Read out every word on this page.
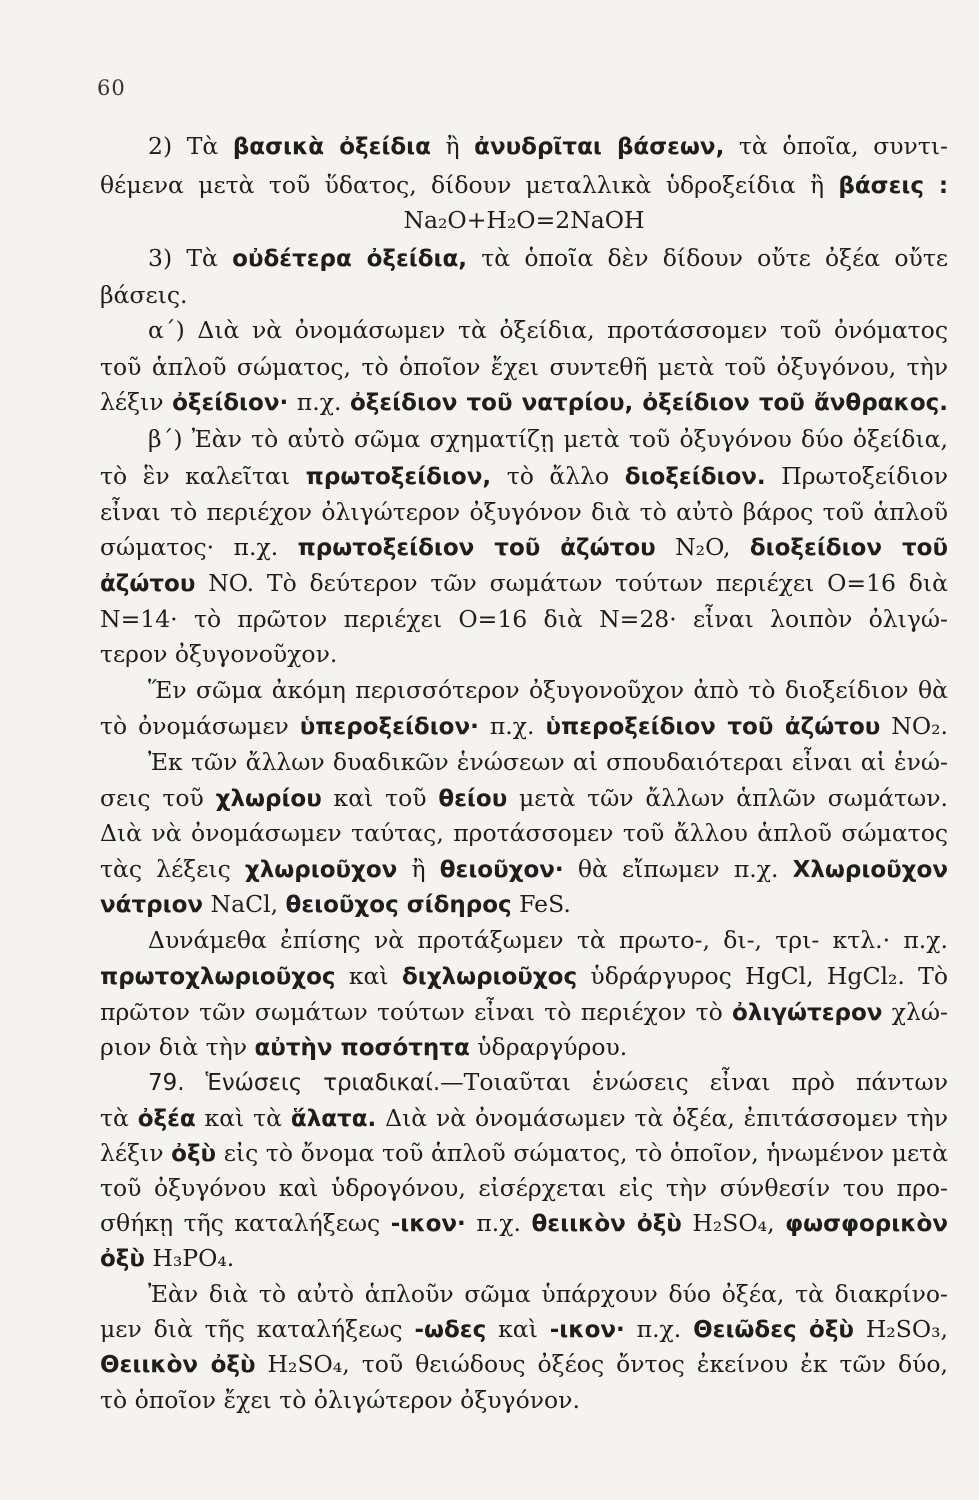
60
2) Τὰ βασικὰ ὀξείδια ἢ ἀνυδρῖται βάσεων, τὰ ὁποῖα, συντι-
θέμενα μετὰ τοῦ ὕδατος, δίδουν μεταλλικὰ ὑδροξείδια ἢ βάσεις :
Na₂O+H₂O=2NaOH
3) Τὰ οὐδέτερα ὀξείδια, τὰ ὁποῖα δὲν δίδουν οὔτε ὀξέα οὔτε
βάσεις.
α΄) Διὰ νὰ ὀνομάσωμεν τὰ ὀξείδια, προτάσσομεν τοῦ ὀνόματος
τοῦ ἁπλοῦ σώματος, τὸ ὁποῖον ἔχει συντεθῆ μετὰ τοῦ ὀξυγόνου, τὴν
λέξιν ὀξείδιον· π.χ. ὀξείδιον τοῦ νατρίου, ὀξείδιον τοῦ ἄνθρακος.
β΄) Ἐὰν τὸ αὐτὸ σῶμα σχηματίζῃ μετὰ τοῦ ὀξυγόνου δύο ὀξείδια,
τὸ ἓν καλεῖται πρωτοξείδιον, τὸ ἄλλο διοξείδιον. Πρωτοξείδιον
εἶναι τὸ περιέχον ὀλιγώτερον ὀξυγόνον διὰ τὸ αὐτὸ βάρος τοῦ ἁπλοῦ
σώματος· π.χ. πρωτοξείδιον τοῦ ἀζώτου N₂O, διοξείδιον τοῦ
ἀζώτου NO. Τὸ δεύτερον τῶν σωμάτων τούτων περιέχει O=16 διὰ
N=14· τὸ πρῶτον περιέχει O=16 διὰ N=28· εἶναι λοιπὸν ὀλιγώ-
τερον ὀξυγονοῦχον.
Ἕν σῶμα ἀκόμη περισσότερον ὀξυγονοῦχον ἀπὸ τὸ διοξείδιον θὰ
τὸ ὀνομάσωμεν ὑπεροξείδιον· π.χ. ὑπεροξείδιον τοῦ ἀζώτου NO₂.
Ἐκ τῶν ἄλλων δυαδικῶν ἑνώσεων αἱ σπουδαιότεραι εἶναι αἱ ἑνώ-
σεις τοῦ χλωρίου καὶ τοῦ θείου μετὰ τῶν ἄλλων ἁπλῶν σωμάτων.
Διὰ νὰ ὀνομάσωμεν ταύτας, προτάσσομεν τοῦ ἄλλου ἁπλοῦ σώματος
τὰς λέξεις χλωριοῦχον ἢ θειοῦχον· θὰ εἴπωμεν π.χ. Χλωριοῦχον
νάτριον NaCl, θειοῦχος σίδηρος FeS.
Δυνάμεθα ἐπίσης νὰ προτάξωμεν τὰ πρωτο-, δι-, τρι- κτλ.· π.χ.
πρωτοχλωριοῦχος καὶ διχλωριοῦχος ὑδράργυρος HgCl, HgCl₂. Τὸ
πρῶτον τῶν σωμάτων τούτων εἶναι τὸ περιέχον τὸ ὀλιγώτερον χλώ-
ριον διὰ τὴν αὐτὴν ποσότητα ὑδραργύρου.
79. Ἑνώσεις τριαδικαί.—Τοιαῦται ἑνώσεις εἶναι πρὸ πάντων
τὰ ὀξέα καὶ τὰ ἅλατα. Διὰ νὰ ὀνομάσωμεν τὰ ὀξέα, ἐπιτάσσομεν τὴν
λέξιν ὀξὺ εἰς τὸ ὄνομα τοῦ ἁπλοῦ σώματος, τὸ ὁποῖον, ἡνωμένον μετὰ
τοῦ ὀξυγόνου καὶ ὑδρογόνου, εἰσέρχεται εἰς τὴν σύνθεσίν του προ-
σθήκῃ τῆς καταλήξεως -ικον· π.χ. θειικὸν ὀξὺ H₂SO₄, φωσφορικὸν
ὀξὺ H₃PO₄.
Ἐὰν διὰ τὸ αὐτὸ ἁπλοῦν σῶμα ὑπάρχουν δύο ὀξέα, τὰ διακρίνο-
μεν διὰ τῆς καταλήξεως -ωδες καὶ -ικον· π.χ. Θειῶδες ὀξὺ H₂SO₃,
Θειικὸν ὀξὺ H₂SO₄, τοῦ θειώδους ὀξέος ὄντος ἐκείνου ἐκ τῶν δύο,
τὸ ὁποῖον ἔχει τὸ ὀλιγώτερον ὀξυγόνον.
